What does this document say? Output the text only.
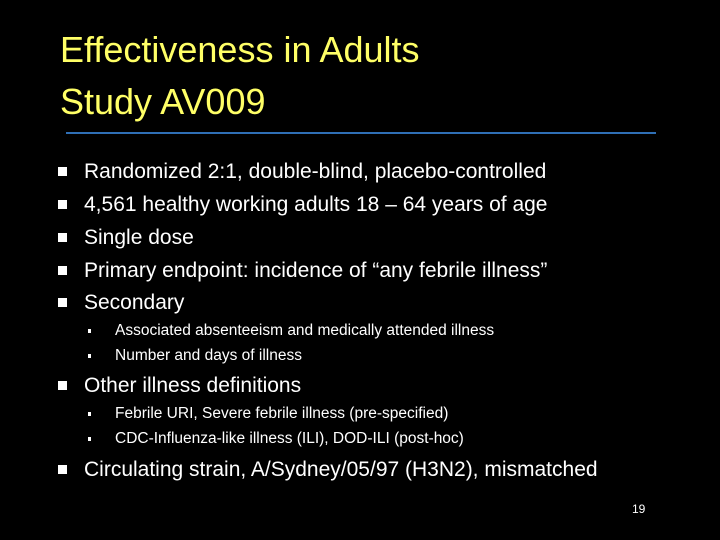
Effectiveness in Adults
Study AV009
Randomized 2:1, double-blind, placebo-controlled
4,561 healthy working adults 18 – 64 years of age
Single dose
Primary endpoint: incidence of “any febrile illness”
Secondary
Associated absenteeism and medically attended illness
Number and days of illness
Other illness definitions
Febrile URI, Severe febrile illness (pre-specified)
CDC-Influenza-like illness (ILI), DOD-ILI (post-hoc)
Circulating strain, A/Sydney/05/97 (H3N2), mismatched
19
